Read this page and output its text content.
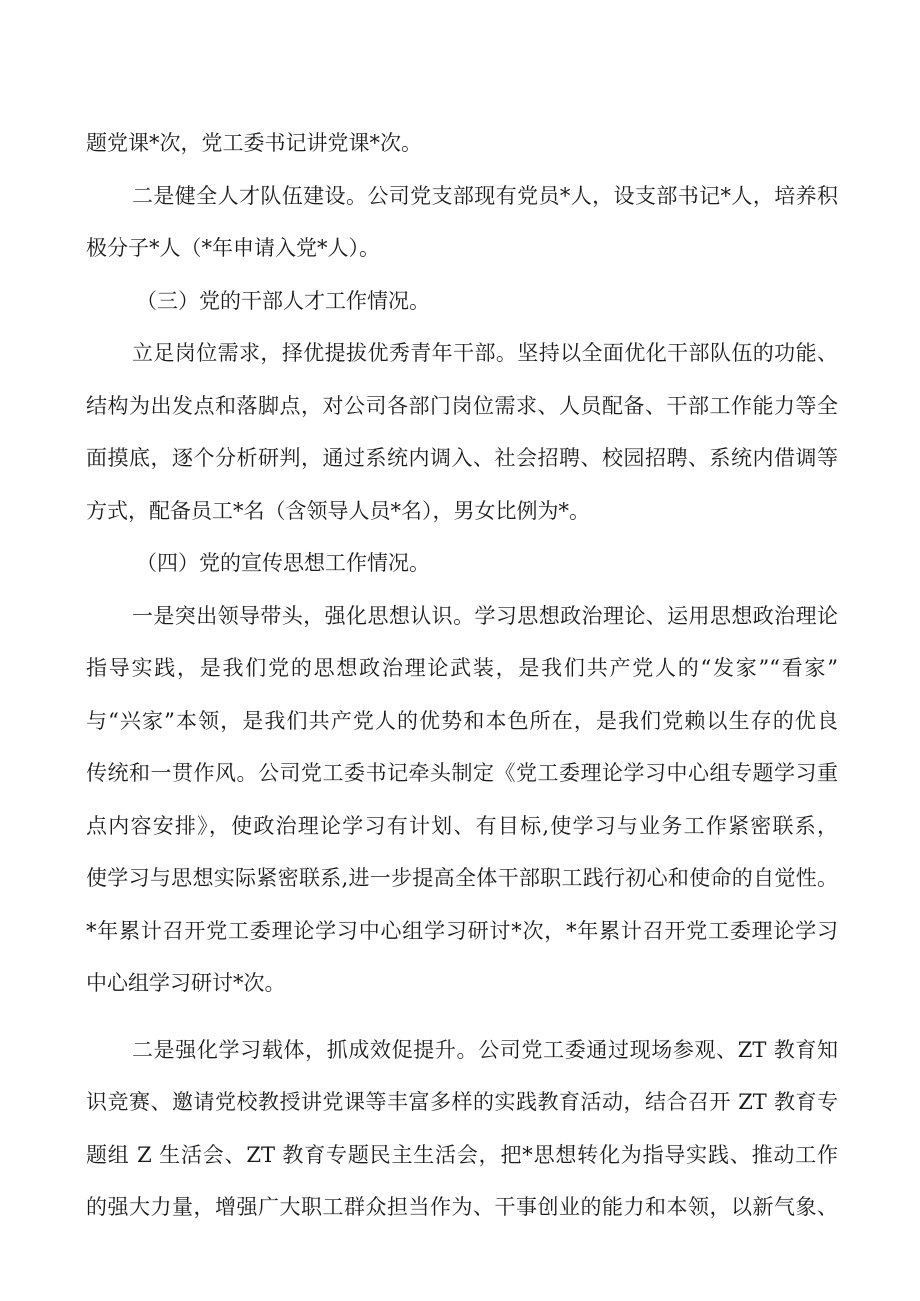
题党课*次，党工委书记讲党课*次。
二是健全人才队伍建设。公司党支部现有党员*人，设支部书记*人，培养积
极分子*人（*年申请入党*人）。
（三）党的干部人才工作情况。
立足岗位需求，择优提拔优秀青年干部。坚持以全面优化干部队伍的功能、
结构为出发点和落脚点，对公司各部门岗位需求、人员配备、干部工作能力等全
面摸底，逐个分析研判，通过系统内调入、社会招聘、校园招聘、系统内借调等
方式，配备员工*名（含领导人员*名），男女比例为*。
（四）党的宣传思想工作情况。
一是突出领导带头，强化思想认识。学习思想政治理论、运用思想政治理论
指导实践，是我们党的思想政治理论武装，是我们共产党人的“发家”“看家”
与“兴家”本领，是我们共产党人的优势和本色所在，是我们党赖以生存的优良
传统和一贯作风。公司党工委书记牵头制定《党工委理论学习中心组专题学习重
点内容安排》，使政治理论学习有计划、有目标,使学习与业务工作紧密联系，
使学习与思想实际紧密联系,进一步提高全体干部职工践行初心和使命的自觉性。
*年累计召开党工委理论学习中心组学习研讨*次，*年累计召开党工委理论学习
中心组学习研讨*次。
二是强化学习载体，抓成效促提升。公司党工委通过现场参观、ZT 教育知
识竞赛、邀请党校教授讲党课等丰富多样的实践教育活动，结合召开 ZT 教育专
题组 Z 生活会、ZT 教育专题民主生活会，把*思想转化为指导实践、推动工作
的强大力量，增强广大职工群众担当作为、干事创业的能力和本领，以新气象、
